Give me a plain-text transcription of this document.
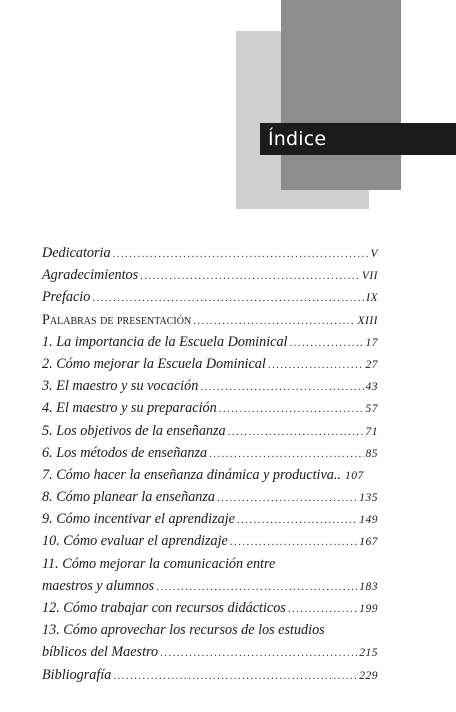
Índice
Dedicatoria .....	V
Agradecimientos .....	VII
Prefacio .....	IX
Palabras de presentación .....	XIII
1. La importancia de la Escuela Dominical .....	17
2. Cómo mejorar la Escuela Dominical .....	27
3. El maestro y su vocación .....	43
4. El maestro y su preparación .....	57
5. Los objetivos de la enseñanza .....	71
6. Los métodos de enseñanza .....	85
7. Cómo hacer la enseñanza dinámica y productiva.. 107
8. Cómo planear la enseñanza .....	135
9. Cómo incentivar el aprendizaje .....	149
10. Cómo evaluar el aprendizaje .....	167
11. Cómo mejorar la comunicación entre
maestros y alumnos .....	183
12. Cómo trabajar con recursos didácticos .....	199
13. Cómo aprovechar los recursos de los estudios
bíblicos del Maestro .....	215
Bibliografía .....	229
